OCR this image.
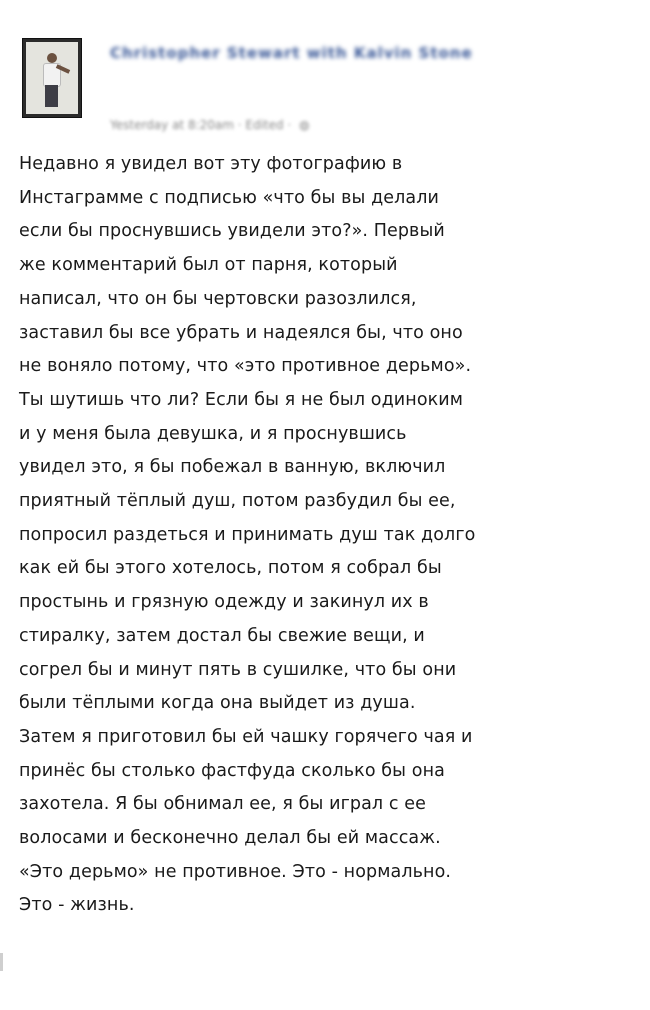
Christopher Stewart with Kalvin Stone
Yesterday at 8:20am · Edited · ◍
Недавно я увидел вот эту фотографию в
Инстаграмме с подписью «что бы вы делали
если бы проснувшись увидели это?». Первый
же комментарий был от парня, который
написал, что он бы чертовски разозлился,
заставил бы все убрать и надеялся бы, что оно
не воняло потому, что «это противное дерьмо».
Ты шутишь что ли? Если бы я не был одиноким
и у меня была девушка, и я проснувшись
увидел это, я бы побежал в ванную, включил
приятный тёплый душ, потом разбудил бы ее,
попросил раздеться и принимать душ так долго
как ей бы этого хотелось, потом я собрал бы
простынь и грязную одежду и закинул их в
стиралку, затем достал бы свежие вещи, и
согрел бы и минут пять в сушилке, что бы они
были тёплыми когда она выйдет из душа.
Затем я приготовил бы ей чашку горячего чая и
принёс бы столько фастфуда сколько бы она
захотела. Я бы обнимал ее, я бы играл с ее
волосами и бесконечно делал бы ей массаж.
«Это дерьмо» не противное. Это - нормально.
Это - жизнь.
